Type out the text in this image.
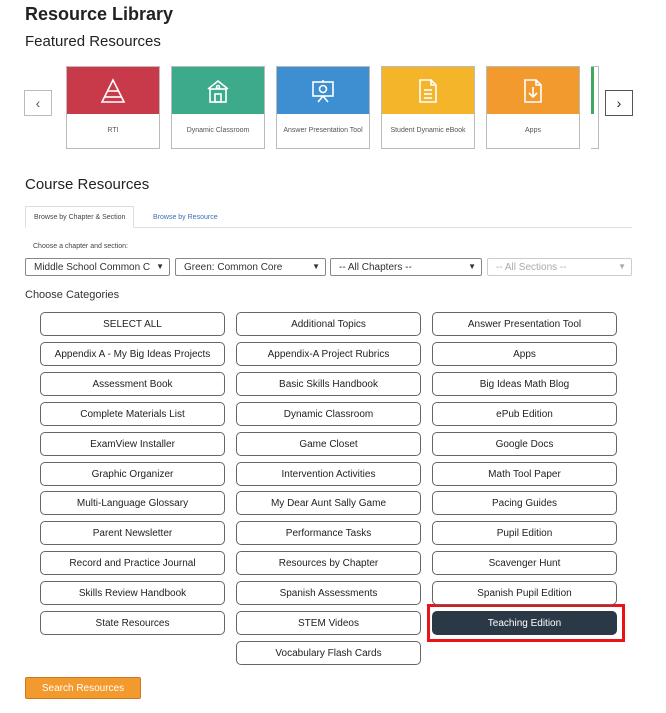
Resource Library
Featured Resources
‹
RTI	Dynamic Classroom	Answer Presentation Tool	Student Dynamic eBook	Apps
›
Course Resources
Browse by Chapter & Section	Browse by Resource
Choose a chapter and section:
Middle School Common C ▼ Green: Common Core	▼ -- All Chapters --	▼ -- All Sections --	▼
Choose Categories
SELECT ALL
Appendix A - My Big Ideas Projects
Assessment Book
Complete Materials List
ExamView Installer
Graphic Organizer
Multi-Language Glossary
Parent Newsletter
Record and Practice Journal
Skills Review Handbook
State Resources
Additional Topics
Appendix-A Project Rubrics
Basic Skills Handbook
Dynamic Classroom
Game Closet
Intervention Activities
My Dear Aunt Sally Game
Performance Tasks
Resources by Chapter
Spanish Assessments
STEM Videos
Vocabulary Flash Cards
Answer Presentation Tool
Apps
Big Ideas Math Blog
ePub Edition
Google Docs
Math Tool Paper
Pacing Guides
Pupil Edition
Scavenger Hunt
Spanish Pupil Edition
Teaching Edition
Search Resources
